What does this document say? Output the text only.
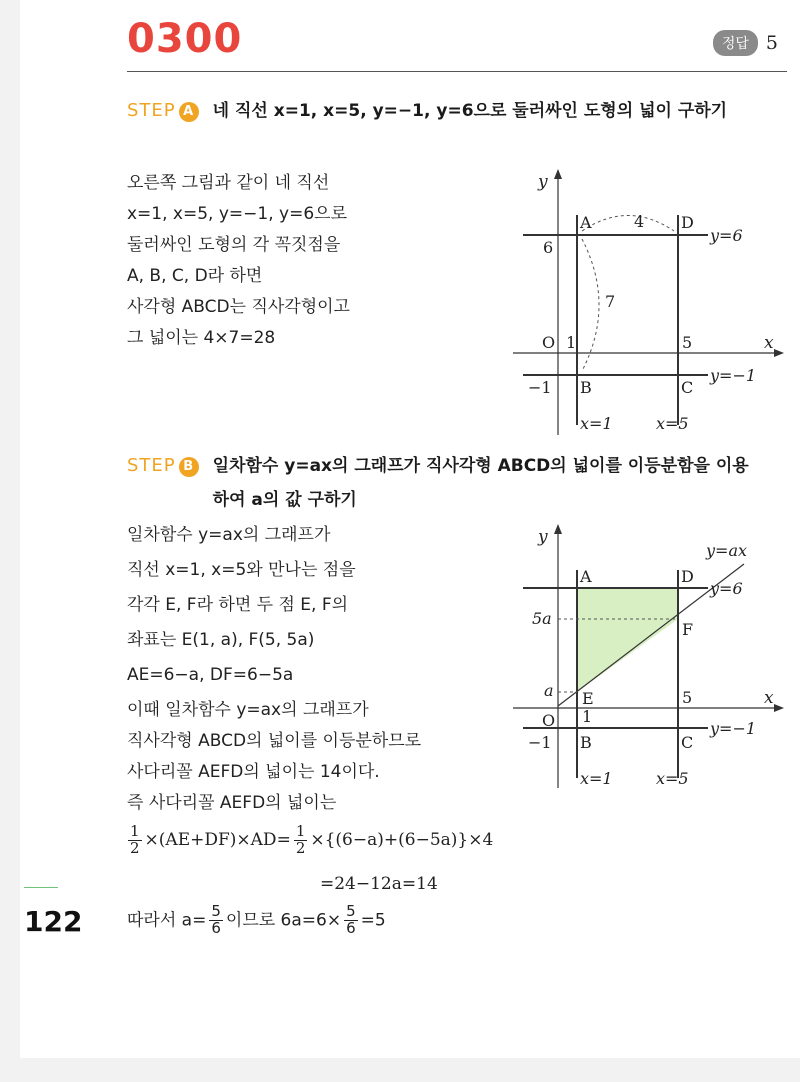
0300	정답 5
STEP A 네 직선 x=1, x=5, y=−1, y=6으로 둘러싸인 도형의 넓이 구하기
오른쪽 그림과 같이 네 직선
x=1, x=5, y=−1, y=6으로
둘러싸인 도형의 각 꼭짓점을
A, B, C, D라 하면
사각형 ABCD는 직사각형이고
그 넓이는 4×7=28
y
x
O
A	D
B	C
4
7
6
−1
1	5
y=6
y=−1
x=1	x=5
STEP B 일차함수 y=ax의 그래프가 직사각형 ABCD의 넓이를 이등분함을 이용하여 a의 값 구하기
일차함수 y=ax의 그래프가
직선 x=1, x=5와 만나는 점을
각각 E, F라 하면 두 점 E, F의
좌표는 E(1, a), F(5, 5a)
AE=6−a, DF=6−5a
이때 일차함수 y=ax의 그래프가
직사각형 ABCD의 넓이를 이등분하므로
사다리꼴 AEFD의 넓이는 14이다.
즉 사다리꼴 AEFD의 넓이는
y
x
O
A	D
B	C
E
F
5a
a
1
5
−1
y=ax
y=6
y=−1
x=1	x=5
$\frac{1}{2} \times(AE+DF)\times AD= \frac{1}{2} \times\{(6-a)+(6-5a)\}\times 4$
=24−12a=14
따라서 $a= \frac{5}{6}$ 이므로 $6a=6\times \frac{5}{6} =5$
122
